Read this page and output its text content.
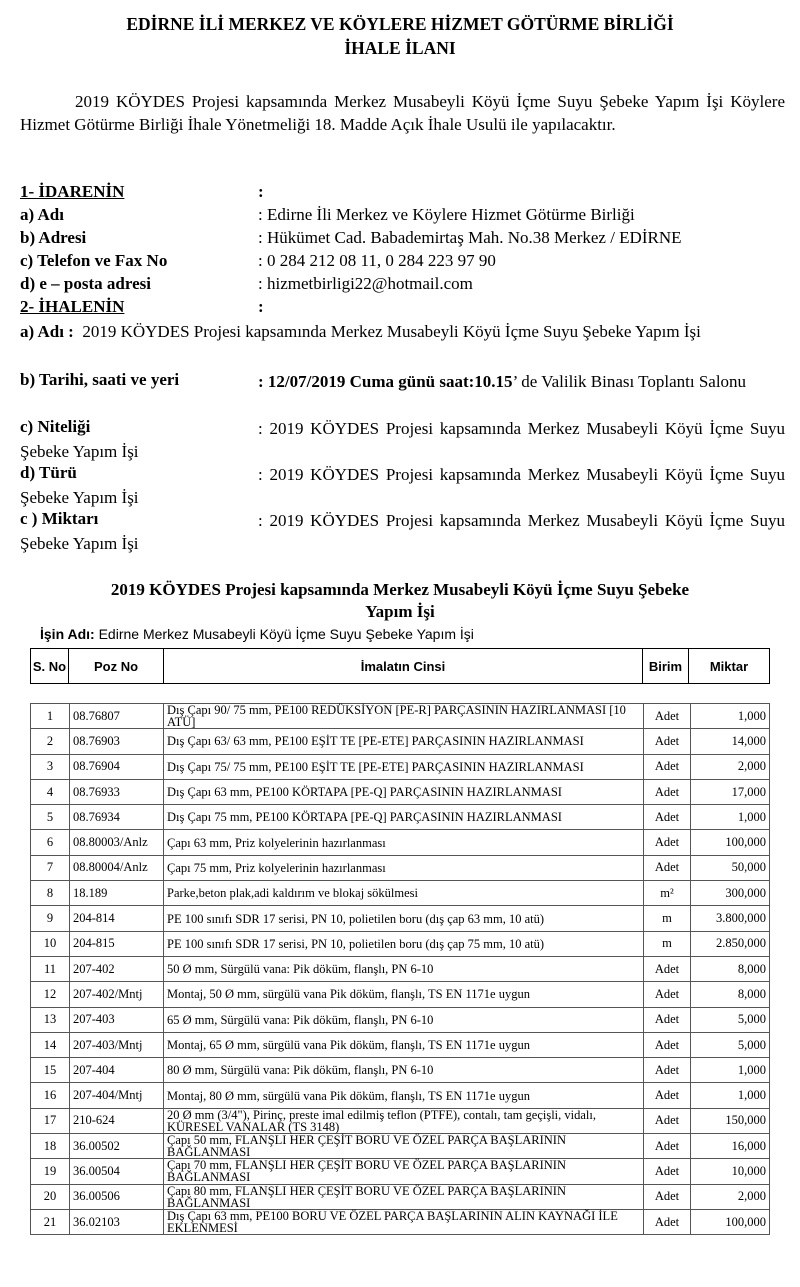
EDİRNE İLİ MERKEZ VE KÖYLERE HİZMET GÖTÜRME BİRLİĞİ
İHALE İLANI
2019 KÖYDES Projesi kapsamında Merkez Musabeyli Köyü İçme Suyu Şebeke Yapım İşi Köylere Hizmet Götürme Birliği İhale Yönetmeliği 18. Madde Açık İhale Usulü ile yapılacaktır.
1- İDARENİN	:
a) Adı	: Edirne İli Merkez ve Köylere Hizmet Götürme Birliği
b) Adresi	: Hükümet Cad. Babademirtaş Mah. No.38 Merkez / EDİRNE
c) Telefon ve Fax No	: 0 284 212 08 11, 0 284 223 97 90
d) e – posta adresi	: hizmetbirligi22@hotmail.com
2- İHALENİN	:
a) Adı : 2019 KÖYDES Projesi kapsamında Merkez Musabeyli Köyü İçme Suyu Şebeke Yapım İşi
b) Tarihi, saati ve yeri	: 12/07/2019 Cuma günü saat:10.15’ de Valilik Binası Toplantı Salonu
c) Niteliği	: 2019 KÖYDES Projesi kapsamında Merkez Musabeyli Köyü İçme Suyu Şebeke Yapım İşi
d) Türü	: 2019 KÖYDES Projesi kapsamında Merkez Musabeyli Köyü İçme Suyu Şebeke Yapım İşi
c ) Miktarı	: 2019 KÖYDES Projesi kapsamında Merkez Musabeyli Köyü İçme Suyu Şebeke Yapım İşi
2019 KÖYDES Projesi kapsamında Merkez Musabeyli Köyü İçme Suyu Şebeke
Yapım İşi
İşin Adı: Edirne Merkez Musabeyli Köyü İçme Suyu Şebeke Yapım İşi
S. No	Poz No	İmalatın Cinsi	Birim	Miktar
1	08.76807	Dış Çapı 90/ 75 mm, PE100 REDÜKSİYON [PE-R] PARÇASININ HAZIRLANMASI [10 ATÜ]	Adet	1,000
2	08.76903	Dış Çapı 63/ 63 mm, PE100 EŞİT TE [PE-ETE] PARÇASININ HAZIRLANMASI	Adet	14,000
3	08.76904	Dış Çapı 75/ 75 mm, PE100 EŞİT TE [PE-ETE] PARÇASININ HAZIRLANMASI	Adet	2,000
4	08.76933	Dış Çapı 63 mm, PE100 KÖRTAPA [PE-Q] PARÇASININ HAZIRLANMASI	Adet	17,000
5	08.76934	Dış Çapı 75 mm, PE100 KÖRTAPA [PE-Q] PARÇASININ HAZIRLANMASI	Adet	1,000
6	08.80003/Anlz	Çapı 63 mm, Priz kolyelerinin hazırlanması	Adet	100,000
7	08.80004/Anlz	Çapı 75 mm, Priz kolyelerinin hazırlanması	Adet	50,000
8	18.189	Parke,beton plak,adi kaldırım ve blokaj sökülmesi	m²	300,000
9	204-814	PE 100 sınıfı SDR 17 serisi, PN 10, polietilen boru (dış çap 63 mm, 10 atü)	m	3.800,000
10	204-815	PE 100 sınıfı SDR 17 serisi, PN 10, polietilen boru (dış çap 75 mm, 10 atü)	m	2.850,000
11	207-402	50 Ø mm, Sürgülü vana: Pik döküm, flanşlı, PN 6-10	Adet	8,000
12	207-402/Mntj	Montaj, 50 Ø mm, sürgülü vana Pik döküm, flanşlı, TS EN 1171e uygun	Adet	8,000
13	207-403	65 Ø mm, Sürgülü vana: Pik döküm, flanşlı, PN 6-10	Adet	5,000
14	207-403/Mntj	Montaj, 65 Ø mm, sürgülü vana Pik döküm, flanşlı, TS EN 1171e uygun	Adet	5,000
15	207-404	80 Ø mm, Sürgülü vana: Pik döküm, flanşlı, PN 6-10	Adet	1,000
16	207-404/Mntj	Montaj, 80 Ø mm, sürgülü vana Pik döküm, flanşlı, TS EN 1171e uygun	Adet	1,000
17	210-624	20 Ø mm (3/4"), Pirinç, preste imal edilmiş teflon (PTFE), contalı, tam geçişli, vidalı, KÜRESEL VANALAR (TS 3148)	Adet	150,000
18	36.00502	Çapı 50 mm, FLANŞLI HER ÇEŞİT BORU VE ÖZEL PARÇA BAŞLARININ BAĞLANMASI	Adet	16,000
19	36.00504	Çapı 70 mm, FLANŞLI HER ÇEŞİT BORU VE ÖZEL PARÇA BAŞLARININ BAĞLANMASI	Adet	10,000
20	36.00506	Çapı 80 mm, FLANŞLI HER ÇEŞİT BORU VE ÖZEL PARÇA BAŞLARININ BAĞLANMASI	Adet	2,000
21	36.02103	Dış Çapı 63 mm, PE100 BORU VE ÖZEL PARÇA BAŞLARININ ALIN KAYNAĞI İLE EKLENMESİ	Adet	100,000
